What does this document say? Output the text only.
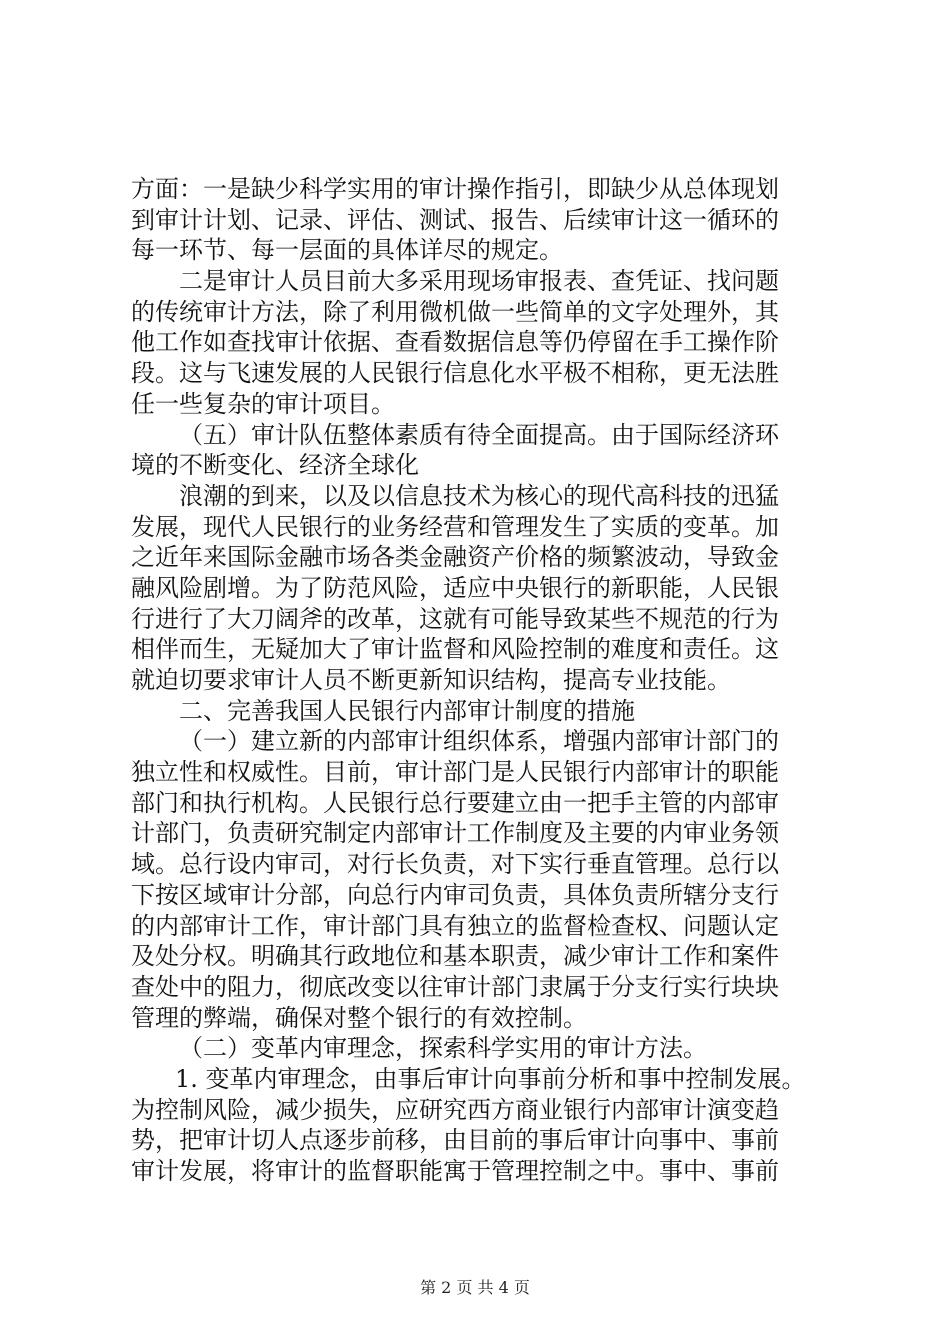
方面：一是缺少科学实用的审计操作指引，即缺少从总体现划
到审计计划、记录、评估、测试、报告、后续审计这一循环的
每一环节、每一层面的具体详尽的规定。
二是审计人员目前大多采用现场审报表、查凭证、找问题
的传统审计方法，除了利用微机做一些简单的文字处理外，其
他工作如查找审计依据、查看数据信息等仍停留在手工操作阶
段。这与飞速发展的人民银行信息化水平极不相称，更无法胜
任一些复杂的审计项目。
（五）审计队伍整体素质有待全面提高。由于国际经济环
境的不断变化、经济全球化
浪潮的到来，以及以信息技术为核心的现代高科技的迅猛
发展，现代人民银行的业务经营和管理发生了实质的变革。加
之近年来国际金融市场各类金融资产价格的频繁波动，导致金
融风险剧增。为了防范风险，适应中央银行的新职能，人民银
行进行了大刀阔斧的改革，这就有可能导致某些不规范的行为
相伴而生，无疑加大了审计监督和风险控制的难度和责任。这
就迫切要求审计人员不断更新知识结构，提高专业技能。
二、完善我国人民银行内部审计制度的措施
（一）建立新的内部审计组织体系，增强内部审计部门的
独立性和权威性。目前，审计部门是人民银行内部审计的职能
部门和执行机构。人民银行总行要建立由一把手主管的内部审
计部门，负责研究制定内部审计工作制度及主要的内审业务领
域。总行设内审司，对行长负责，对下实行垂直管理。总行以
下按区域审计分部，向总行内审司负责，具体负责所辖分支行
的内部审计工作，审计部门具有独立的监督检查权、问题认定
及处分权。明确其行政地位和基本职责，减少审计工作和案件
查处中的阻力，彻底改变以往审计部门隶属于分支行实行块块
管理的弊端，确保对整个银行的有效控制。
（二）变革内审理念，探索科学实用的审计方法。
1. 变革内审理念，由事后审计向事前分析和事中控制发展。
为控制风险，减少损失，应研究西方商业银行内部审计演变趋
势，把审计切人点逐步前移，由目前的事后审计向事中、事前
审计发展，将审计的监督职能寓于管理控制之中。事中、事前
第 2 页 共 4 页
